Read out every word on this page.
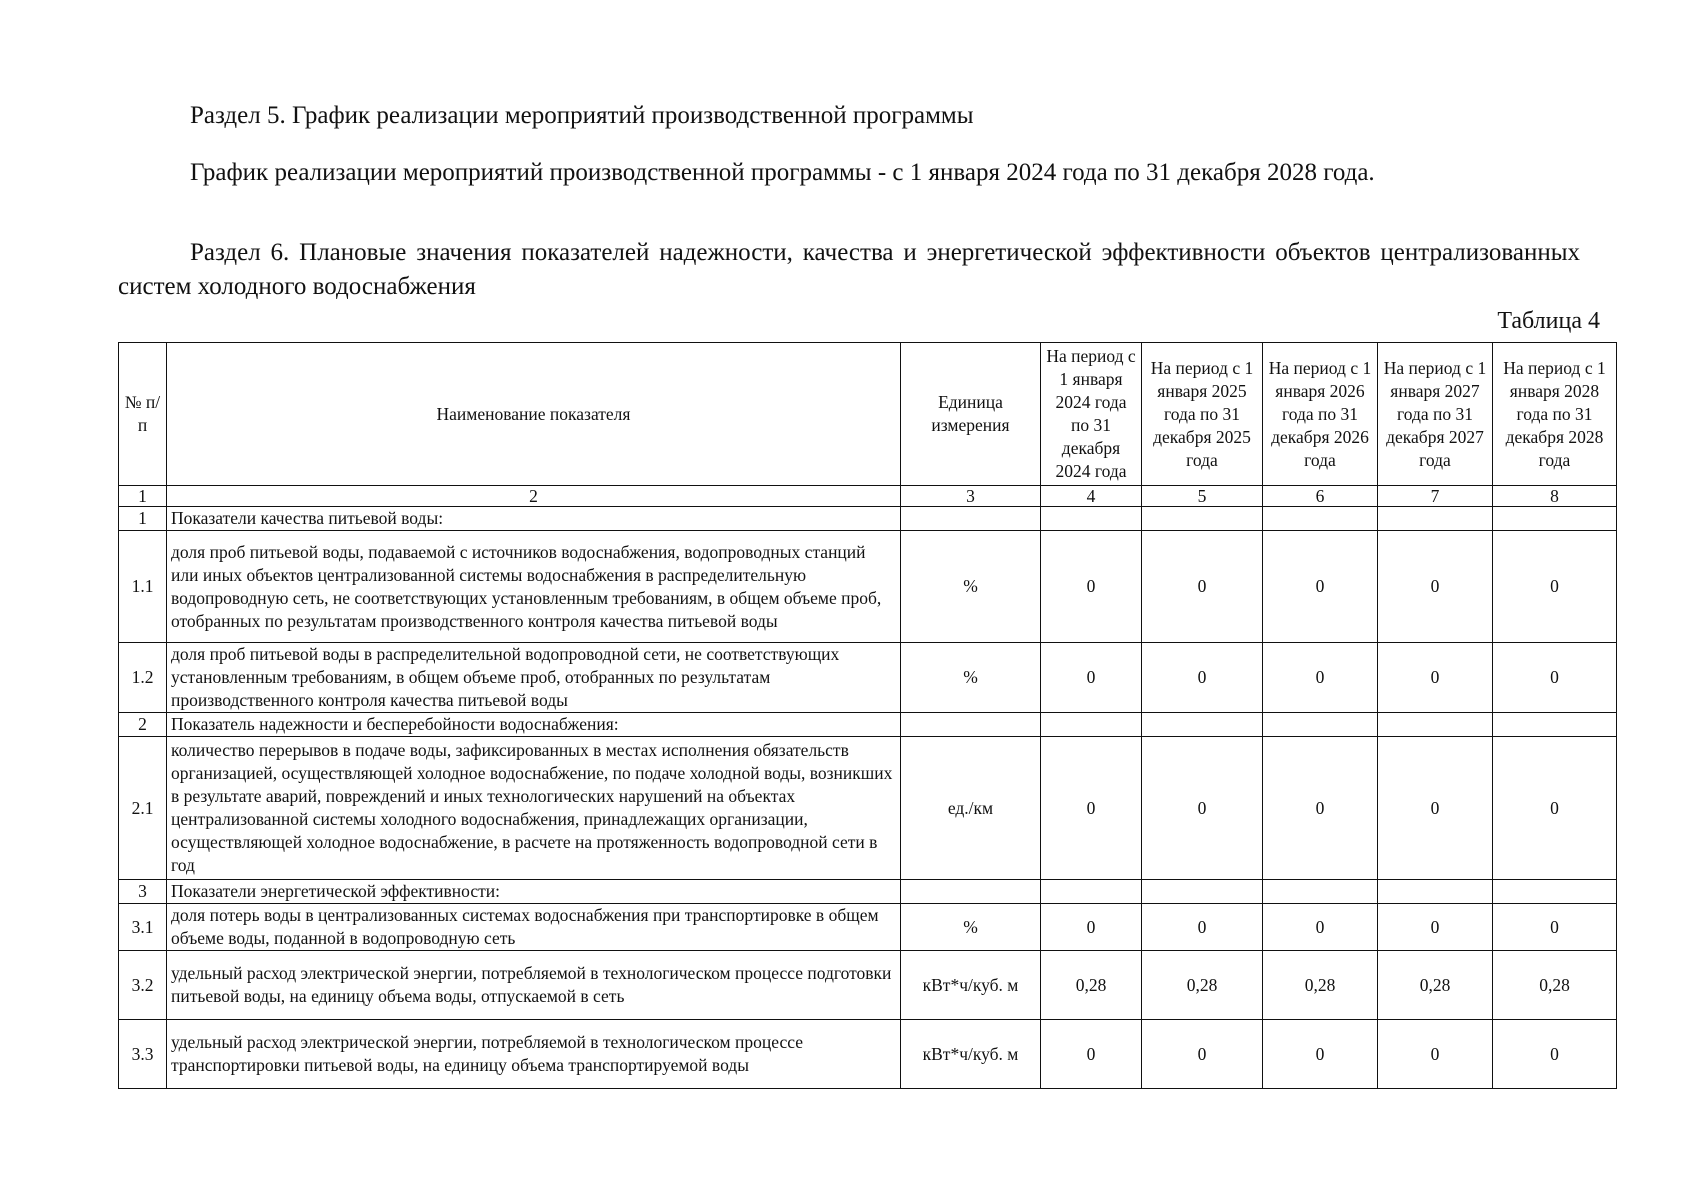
Раздел 5. График реализации мероприятий производственной программы
График реализации мероприятий производственной программы - с 1 января 2024 года по 31 декабря 2028 года.
Раздел 6. Плановые значения показателей надежности, качества и энергетической эффективности объектов централизованных систем холодного водоснабжения
Таблица 4
№ п/п	Наименование показателя	Единица измерения	На период с 1 января 2024 года по 31 декабря 2024 года	На период с 1 января 2025 года по 31 декабря 2025 года	На период с 1 января 2026 года по 31 декабря 2026 года	На период с 1 января 2027 года по 31 декабря 2027 года	На период с 1 января 2028 года по 31 декабря 2028 года
1	2	3	4	5	6	7	8
1	Показатели качества питьевой воды:						
1.1	доля проб питьевой воды, подаваемой с источников водоснабжения, водопроводных станций или иных объектов централизованной системы водоснабжения в распределительную водопроводную сеть, не соответствующих установленным требованиям, в общем объеме проб, отобранных по результатам производственного контроля качества питьевой воды	%	0	0	0	0	0
1.2	доля проб питьевой воды в распределительной водопроводной сети, не соответствующих установленным требованиям, в общем объеме проб, отобранных по результатам производственного контроля качества питьевой воды	%	0	0	0	0	0
2	Показатель надежности и бесперебойности водоснабжения:						
2.1	количество перерывов в подаче воды, зафиксированных в местах исполнения обязательств организацией, осуществляющей холодное водоснабжение, по подаче холодной воды, возникших в результате аварий, повреждений и иных технологических нарушений на объектах централизованной системы холодного водоснабжения, принадлежащих организации, осуществляющей холодное водоснабжение, в расчете на протяженность водопроводной сети в год	ед./км	0	0	0	0	0
3	Показатели энергетической эффективности:						
3.1	доля потерь воды в централизованных системах водоснабжения при транспортировке в общем объеме воды, поданной в водопроводную сеть	%	0	0	0	0	0
3.2	удельный расход электрической энергии, потребляемой в технологическом процессе подготовки питьевой воды, на единицу объема воды, отпускаемой в сеть	кВт*ч/куб. м	0,28	0,28	0,28	0,28	0,28
3.3	удельный расход электрической энергии, потребляемой в технологическом процессе транспортировки питьевой воды, на единицу объема транспортируемой воды	кВт*ч/куб. м	0	0	0	0	0
